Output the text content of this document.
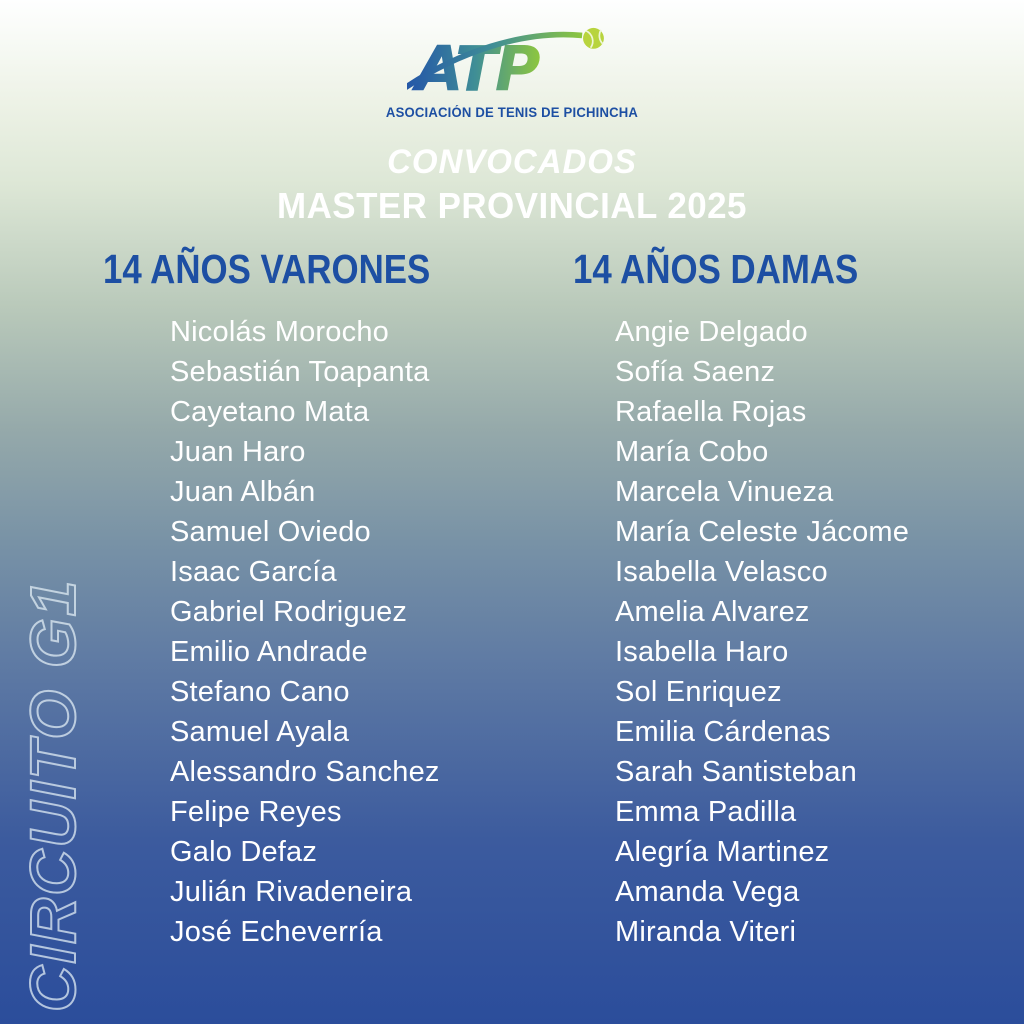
ATP
ASOCIACIÓN DE TENIS DE PICHINCHA
CONVOCADOS
MASTER PROVINCIAL 2025
14 AÑOS VARONES	14 AÑOS DAMAS
Nicolás Morocho
Sebastián Toapanta
Cayetano Mata
Juan Haro
Juan Albán
Samuel Oviedo
Isaac García
Gabriel Rodriguez
Emilio Andrade
Stefano Cano
Samuel Ayala
Alessandro Sanchez
Felipe Reyes
Galo Defaz
Julián Rivadeneira
José Echeverría
Angie Delgado
Sofía Saenz
Rafaella Rojas
María Cobo
Marcela Vinueza
María Celeste Jácome
Isabella Velasco
Amelia Alvarez
Isabella Haro
Sol Enriquez
Emilia Cárdenas
Sarah Santisteban
Emma Padilla
Alegría Martinez
Amanda Vega
Miranda Viteri
CIRCUITO G1
